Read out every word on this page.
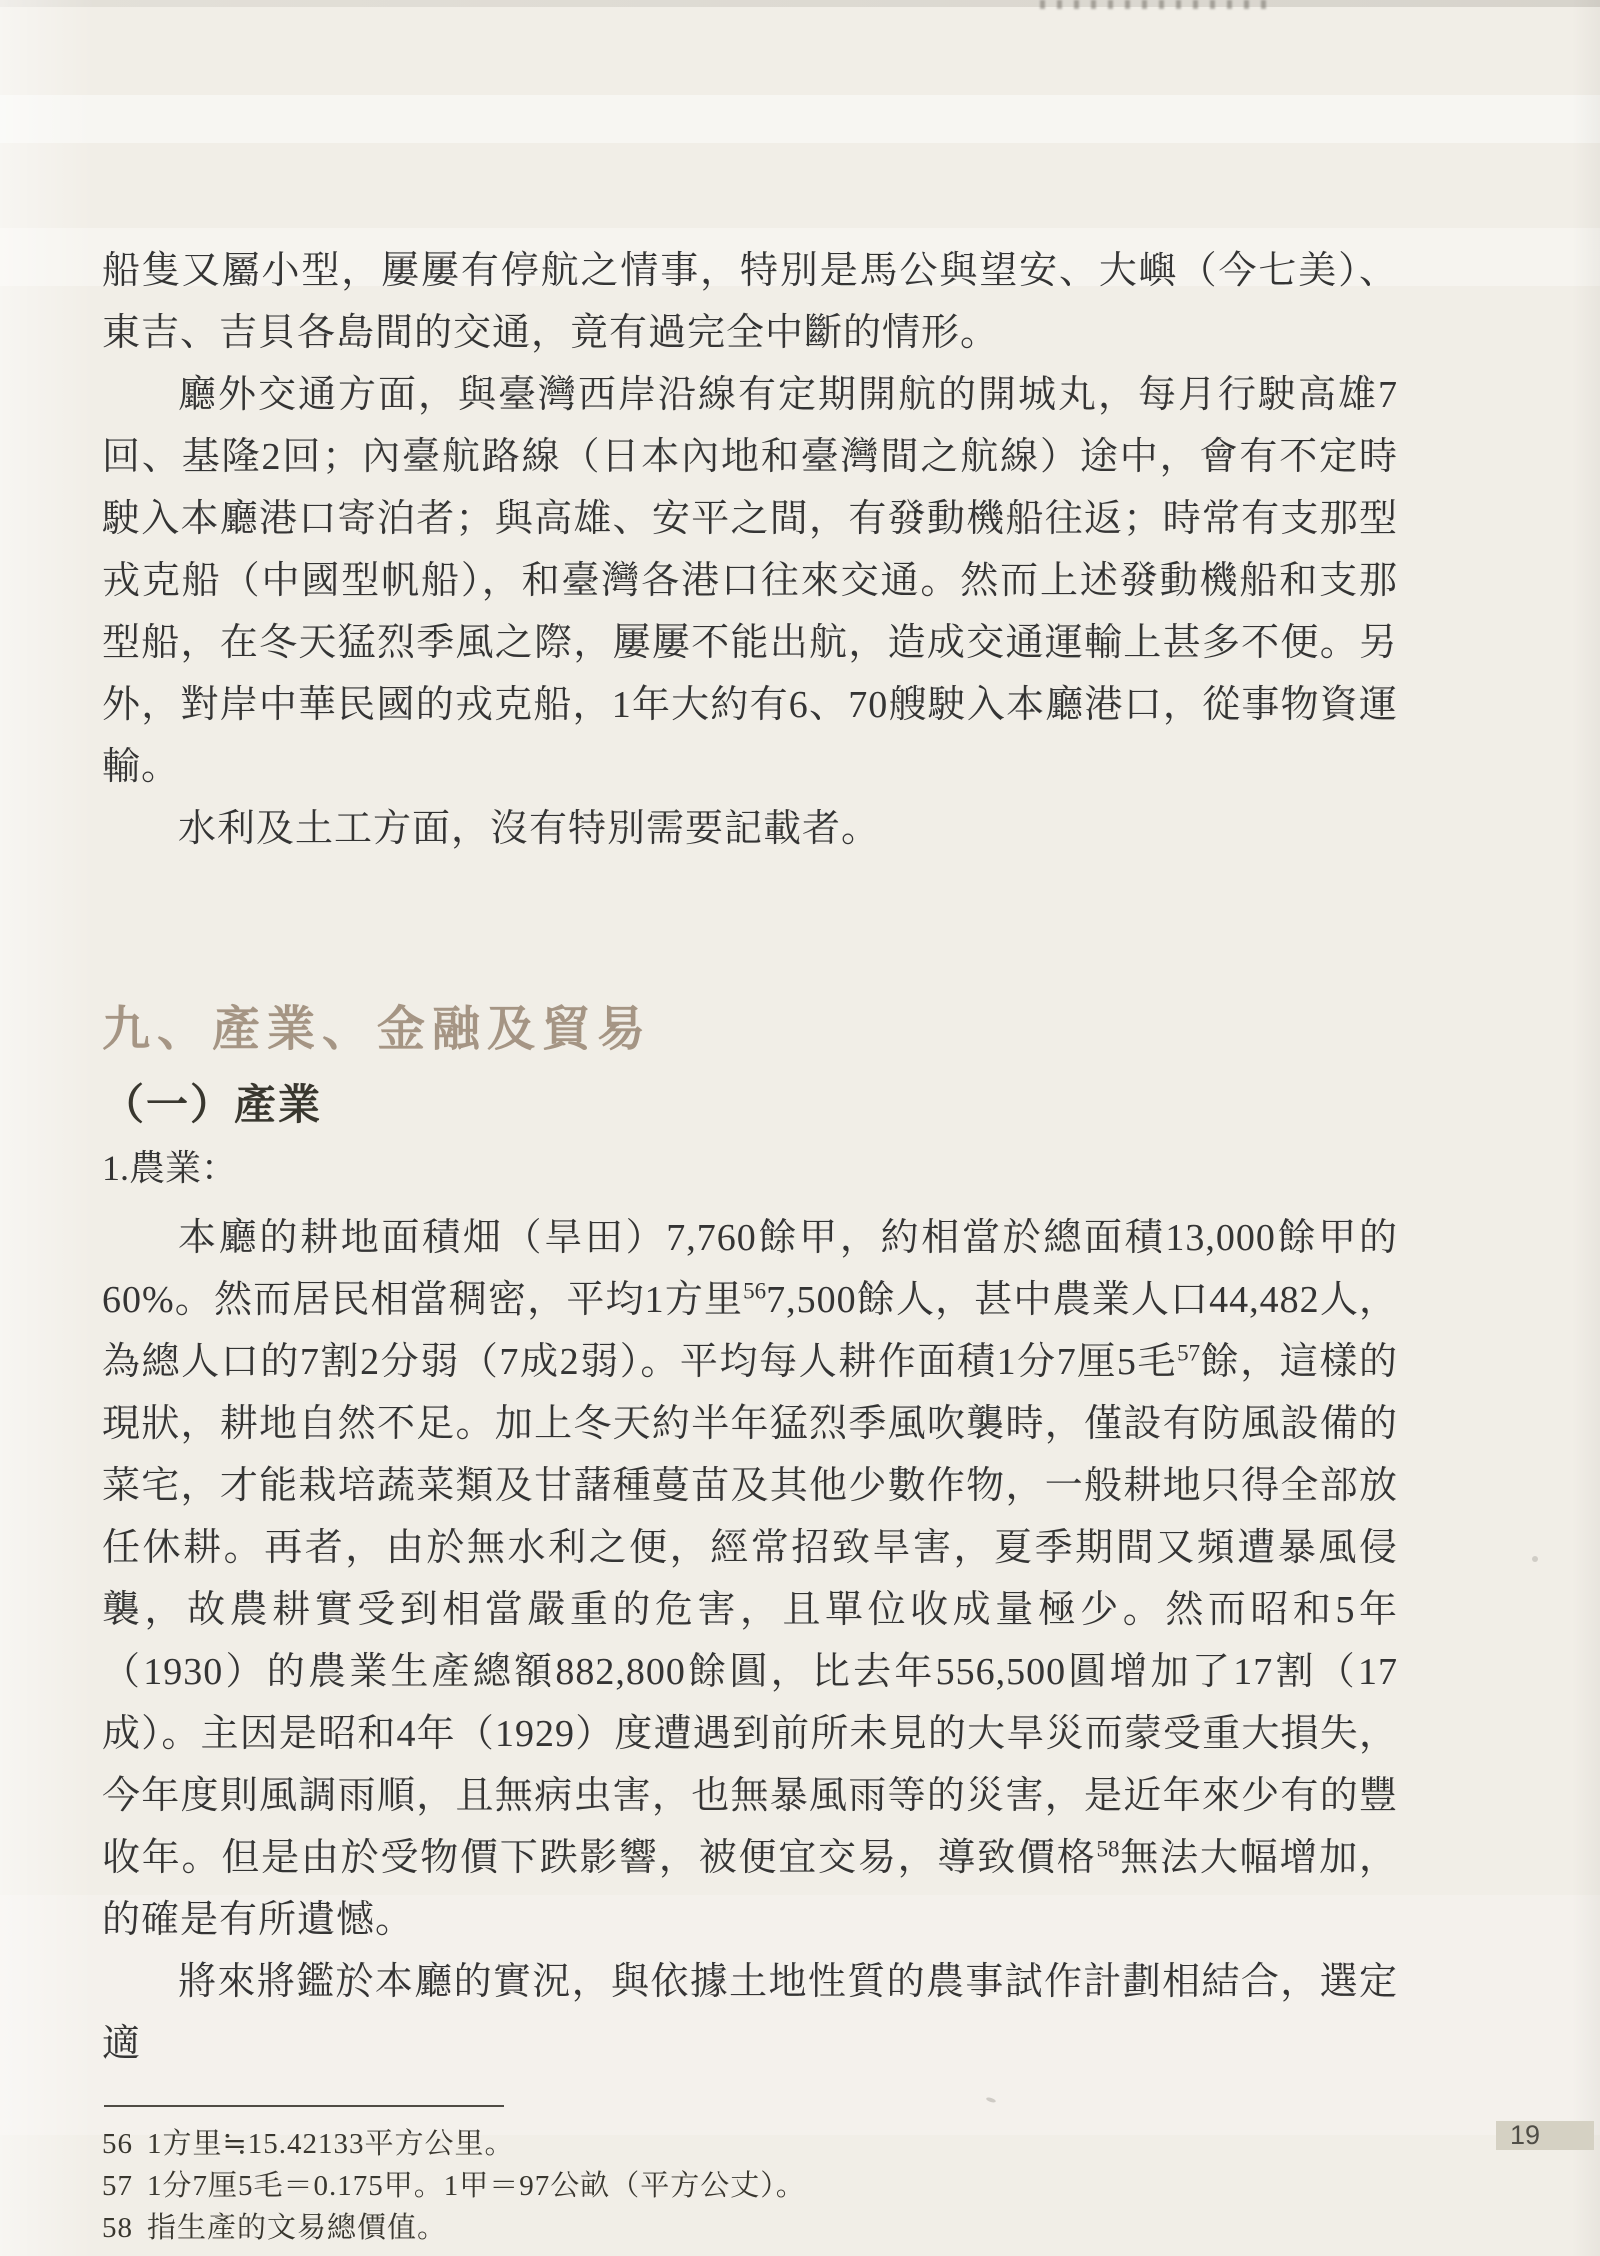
船隻又屬小型，屢屢有停航之情事，特別是馬公與望安、大嶼（今七美）、東吉、吉貝各島間的交通，竟有過完全中斷的情形。

廳外交通方面，與臺灣西岸沿線有定期開航的開城丸，每月行駛高雄7回、基隆2回；內臺航路線（日本內地和臺灣間之航線）途中，會有不定時駛入本廳港口寄泊者；與高雄、安平之間，有發動機船往返；時常有支那型戎克船（中國型帆船），和臺灣各港口往來交通。然而上述發動機船和支那型船，在冬天猛烈季風之際，屢屢不能出航，造成交通運輸上甚多不便。另外，對岸中華民國的戎克船，1年大約有6、70艘駛入本廳港口，從事物資運輸。

水利及土工方面，沒有特別需要記載者。

九、產業、金融及貿易
（一）產業
1.農業：

本廳的耕地面積畑（旱田）7,760餘甲，約相當於總面積13,000餘甲的60%。然而居民相當稠密，平均1方里$^{56}$7,500餘人，甚中農業人口44,482人，為總人口的7割2分弱（7成2弱）。平均每人耕作面積1分7厘5毛$^{57}$餘，這樣的現狀，耕地自然不足。加上冬天約半年猛烈季風吹襲時，僅設有防風設備的菜宅，才能栽培蔬菜類及甘藷種蔓苗及其他少數作物，一般耕地只得全部放任休耕。再者，由於無水利之便，經常招致旱害，夏季期間又頻遭暴風侵襲，故農耕實受到相當嚴重的危害，且單位收成量極少。然而昭和5年（1930）的農業生產總額882,800餘圓，比去年556,500圓增加了17割（17成）。主因是昭和4年（1929）度遭遇到前所未見的大旱災而蒙受重大損失，今年度則風調雨順，且無病虫害，也無暴風雨等的災害，是近年來少有的豐收年。但是由於受物價下跌影響，被便宜交易，導致價格$^{58}$無法大幅增加，的確是有所遺憾。

將來將鑑於本廳的實況，與依據土地性質的農事試作計劃相結合，選定適

56 1方里≒15.42133平方公里。
57 1分7厘5毛＝0.175甲。1甲＝97公畝（平方公丈）。
58 指生產的文易總價值。
19
